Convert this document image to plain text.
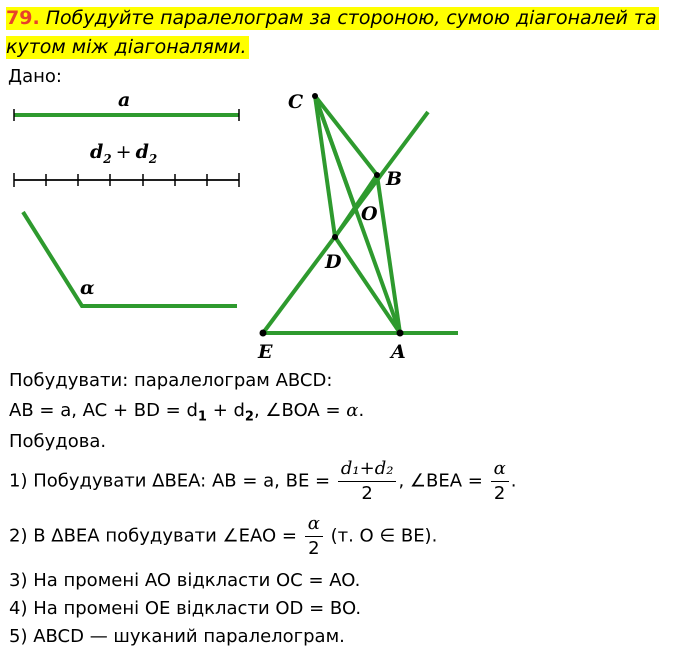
79. Побудуйте паралелограм за стороною, сумою діагоналей та
кутом між діагоналями.
Дано:
a
$d_2 + d_2$
α
C
B
O
D
E	A
Побудувати: паралелограм ABCD:
AB = a, AC + BD = $d_1 + d_2$, ∠BOA = α.
Побудова.
1) Побудувати ΔBEA: AB = a, BE = $\frac{\text{d₁+d₂}}{2}$ , ∠BEA = $\frac{\alpha}{2}$ .
2) В ΔBEA побудувати ∠EAO = $\frac{\alpha}{2} (т$. O ∈ BE).
3) На промені AO відкласти OC = AO.
4) На промені OE відкласти OD = BO.
5) ABCD — шуканий паралелограм.
